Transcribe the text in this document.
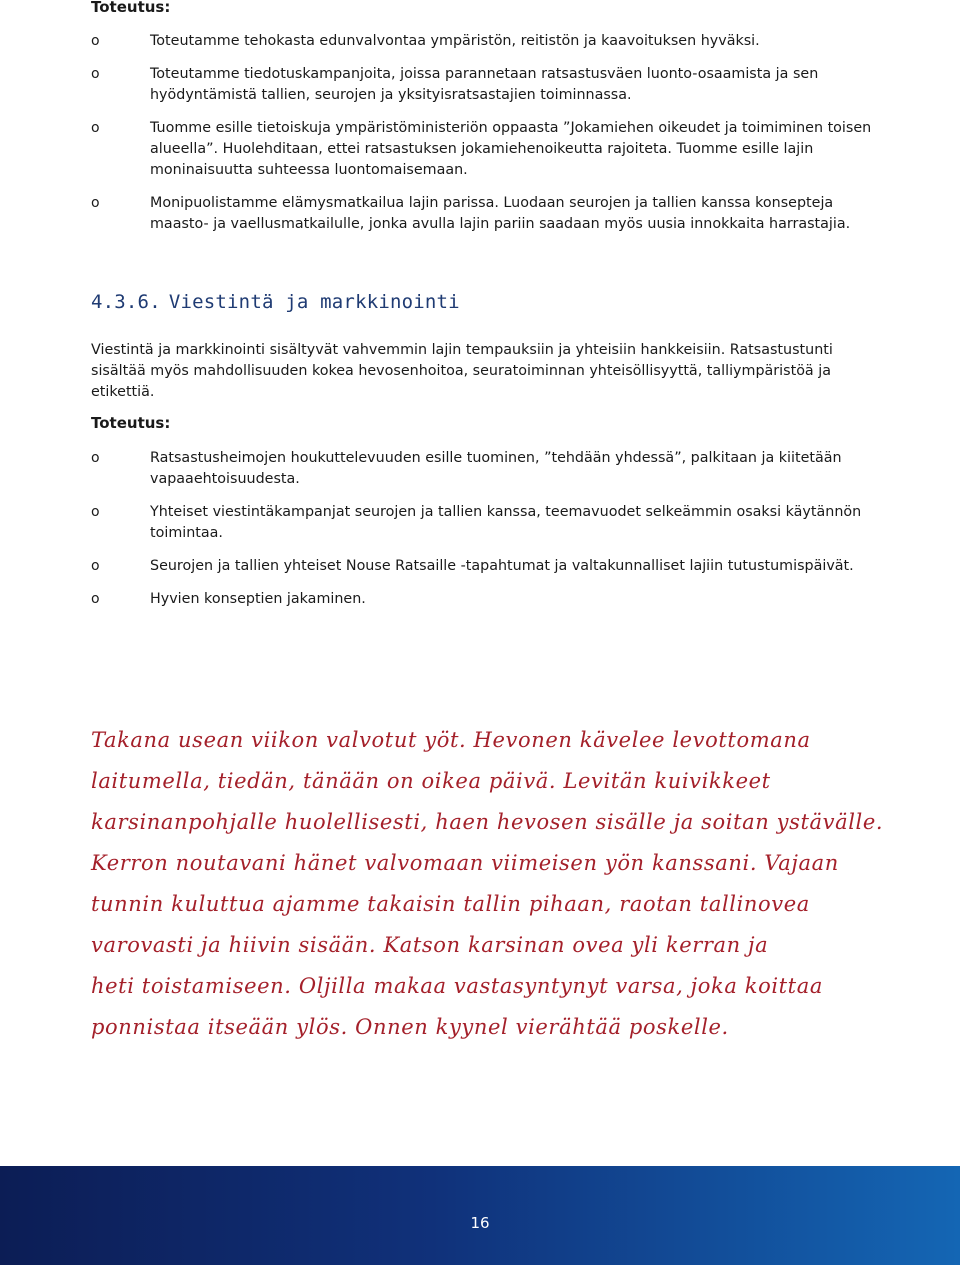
Toteutus:
o	Toteutamme tehokasta edunvalvontaa ympäristön, reitistön ja kaavoituksen hyväksi.
o	Toteutamme tiedotuskampanjoita, joissa parannetaan ratsastusväen luonto-osaamista ja sen hyödyntämistä tallien, seurojen ja yksityisratsastajien toiminnassa.
o	Tuomme esille tietoiskuja ympäristöministeriön oppaasta ”Jokamiehen oikeudet ja toimiminen toisen alueella”. Huolehditaan, ettei ratsastuksen jokamiehenoikeutta rajoiteta. Tuomme esille lajin moninaisuutta suhteessa luontomaisemaan.
o	Monipuolistamme elämysmatkailua lajin parissa. Luodaan seurojen ja tallien kanssa konsepteja maasto- ja vaellusmatkailulle, jonka avulla lajin pariin saadaan myös uusia innokkaita harrastajia.
4.3.6. Viestintä ja markkinointi

Viestintä ja markkinointi sisältyvät vahvemmin lajin tempauksiin ja yhteisiin hankkeisiin. Ratsastustunti sisältää myös mahdollisuuden kokea hevosenhoitoa, seuratoiminnan yhteisöllisyyttä, talliympäristöä ja etikettiä.

Toteutus:
o	Ratsastusheimojen houkuttelevuuden esille tuominen, ”tehdään yhdessä”, palkitaan ja kiitetään vapaaehtoisuudesta.
o	Yhteiset viestintäkampanjat seurojen ja tallien kanssa, teemavuodet selkeämmin osaksi käytännön toimintaa.
o	Seurojen ja tallien yhteiset Nouse Ratsaille -tapahtumat ja valtakunnalliset lajiin tutustumispäivät.
o	Hyvien konseptien jakaminen.
Takana usean viikon valvotut yöt. Hevonen kävelee levottomana
laitumella, tiedän, tänään on oikea päivä. Levitän kuivikkeet
karsinanpohjalle huolellisesti, haen hevosen sisälle ja soitan ystävälle.
Kerron noutavani hänet valvomaan viimeisen yön kanssani. Vajaan
tunnin kuluttua ajamme takaisin tallin pihaan, raotan tallinovea
varovasti ja hiivin sisään. Katson karsinan ovea yli kerran ja
heti toistamiseen. Oljilla makaa vastasyntynyt varsa, joka koittaa
ponnistaa itseään ylös. Onnen kyynel vierähtää poskelle.
16
